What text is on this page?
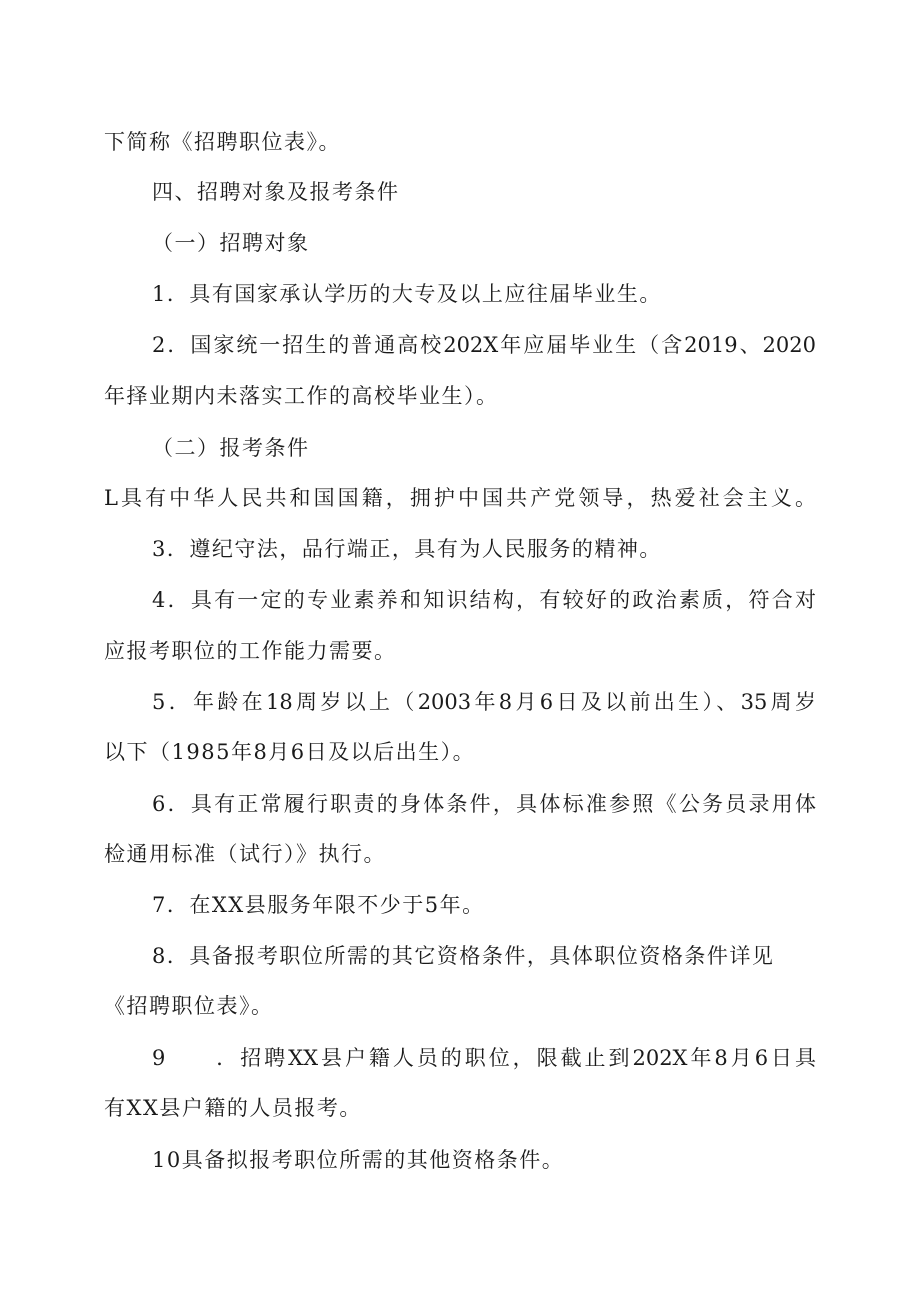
下简称《招聘职位表》。
四、招聘对象及报考条件
（一）招聘对象
1．具有国家承认学历的大专及以上应往届毕业生。
2．国家统一招生的普通高校202X年应届毕业生（含2019、2020
年择业期内未落实工作的高校毕业生）。
（二）报考条件
L具有中华人民共和国国籍，拥护中国共产党领导，热爱社会主义。
3．遵纪守法，品行端正，具有为人民服务的精神。
4．具有一定的专业素养和知识结构，有较好的政治素质，符合对
应报考职位的工作能力需要。
5．年龄在18周岁以上（2003年8月6日及以前出生）、35周岁
以下（1985年8月6日及以后出生）。
6．具有正常履行职责的身体条件，具体标准参照《公务员录用体
检通用标准（试行）》执行。
7．在XX县服务年限不少于5年。
8．具备报考职位所需的其它资格条件，具体职位资格条件详见
《招聘职位表》。
9　　．招聘XX县户籍人员的职位，限截止到202X年8月6日具
有XX县户籍的人员报考。
10具备拟报考职位所需的其他资格条件。
